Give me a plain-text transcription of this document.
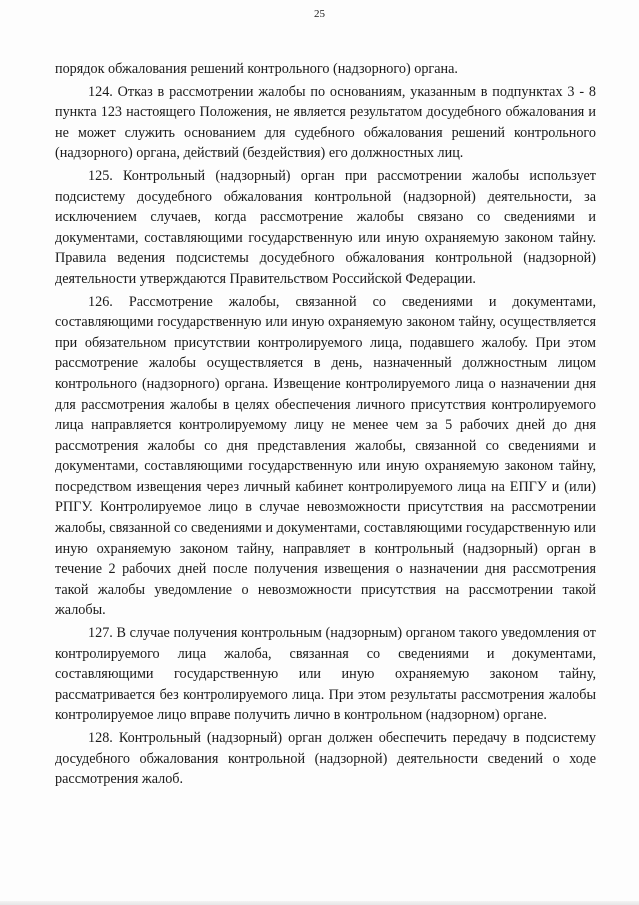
25

порядок обжалования решений контрольного (надзорного) органа.

124. Отказ в рассмотрении жалобы по основаниям, указанным в подпунктах 3 - 8 пункта 123 настоящего Положения, не является результатом досудебного обжалования и не может служить основанием для судебного обжалования решений контрольного (надзорного) органа, действий (бездействия) его должностных лиц.

125. Контрольный (надзорный) орган при рассмотрении жалобы использует подсистему досудебного обжалования контрольной (надзорной) деятельности, за исключением случаев, когда рассмотрение жалобы связано со сведениями и документами, составляющими государственную или иную охраняемую законом тайну. Правила ведения подсистемы досудебного обжалования контрольной (надзорной) деятельности утверждаются Правительством Российской Федерации.

126. Рассмотрение жалобы, связанной со сведениями и документами, составляющими государственную или иную охраняемую законом тайну, осуществляется при обязательном присутствии контролируемого лица, подавшего жалобу. При этом рассмотрение жалобы осуществляется в день, назначенный должностным лицом контрольного (надзорного) органа. Извещение контролируемого лица о назначении дня для рассмотрения жалобы в целях обеспечения личного присутствия контролируемого лица направляется контролируемому лицу не менее чем за 5 рабочих дней до дня рассмотрения жалобы со дня представления жалобы, связанной со сведениями и документами, составляющими государственную или иную охраняемую законом тайну, посредством извещения через личный кабинет контролируемого лица на ЕПГУ и (или) РПГУ. Контролируемое лицо в случае невозможности присутствия на рассмотрении жалобы, связанной со сведениями и документами, составляющими государственную или иную охраняемую законом тайну, направляет в контрольный (надзорный) орган в течение 2 рабочих дней после получения извещения о назначении дня рассмотрения такой жалобы уведомление о невозможности присутствия на рассмотрении такой жалобы.

127. В случае получения контрольным (надзорным) органом такого уведомления от контролируемого лица жалоба, связанная со сведениями и документами, составляющими государственную или иную охраняемую законом тайну, рассматривается без контролируемого лица. При этом результаты рассмотрения жалобы контролируемое лицо вправе получить лично в контрольном (надзорном) органе.

128. Контрольный (надзорный) орган должен обеспечить передачу в подсистему досудебного обжалования контрольной (надзорной) деятельности сведений о ходе рассмотрения жалоб.
